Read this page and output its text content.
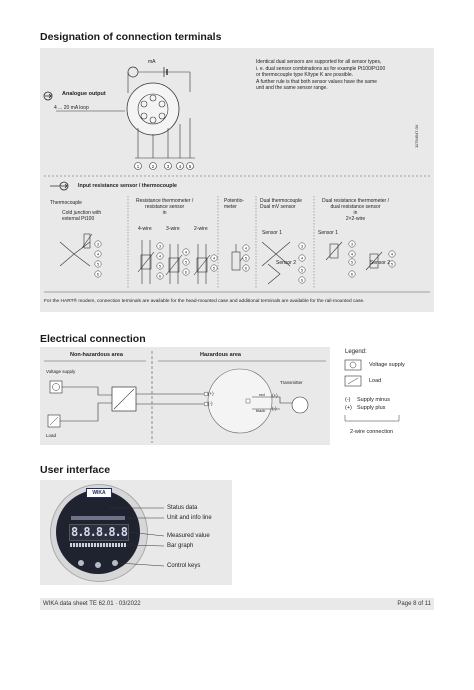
Designation of connection terminals
1	2	3 4 5
3
4
5
6
3
4
5
6
4
5
6
4
5
4
5
6
3
4
5
6
3
4
5
6
4
5
Analogue output
4 ... 20 mA loop
mA	Identical dual sensors are supported for all sensor types,
i. e. dual sensor combinations as for example Pt100/Pt100
or thermocouple type K/type K are possible.
A further rule is that both sensor values have the same
unit and the same sensor range.
11794547.0X
Input resistance sensor / thermocouple
Thermocouple
Cold junction with
external Pt100
Resistance thermometer /
resistance sensor
in
4-wire	3-wire	2-wire
Potentio-
meter
Dual thermocouple
Dual mV sensor
Dual resistance thermometer /
dual resistance sensor
in
2×2-wire
Sensor 1
Sensor 2
Sensor 1
Sensor 2
For the HART® modem, connection terminals are available for the head-mounted case and additional terminals are available for the rail-mounted case.
Electrical connection
Non-hazardous area	Hazardous area
Voltage supply
Load
(+)
(-)
Transmitter
red
black
(+)
(-)
Legend:
Voltage supply
Load
(-) Supply minus
(+) Supply plus
2-wire connection
User interface
WIKA
8.8.8.8.8
Status data
Unit and info line
Measured value
Bar graph
Control keys
WIKA data sheet TE 62.01 · 03/2022	Page 8 of 11
